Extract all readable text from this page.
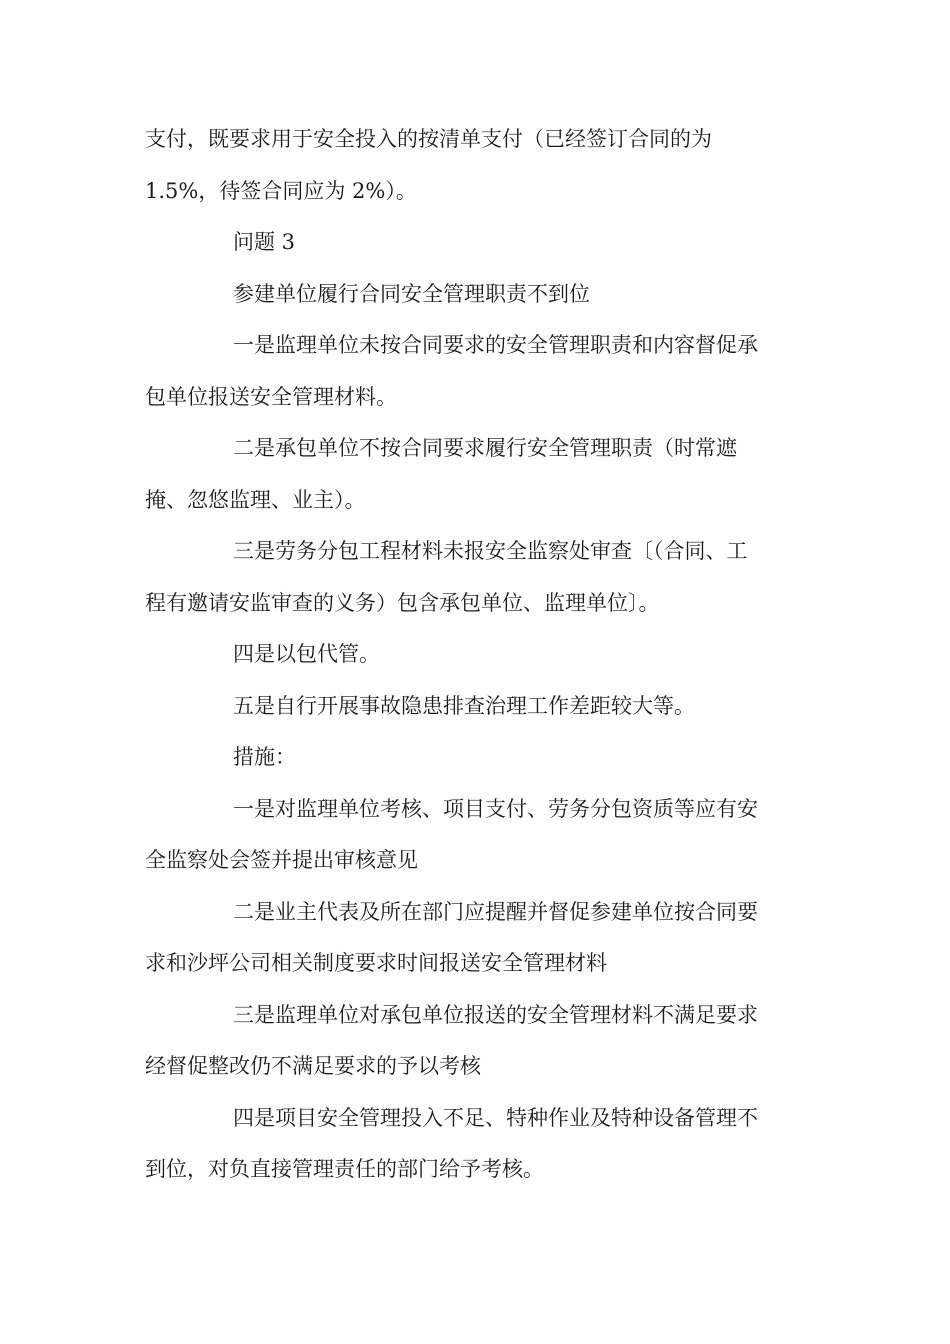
支付，既要求用于安全投入的按清单支付（已经签订合同的为
1.5%，待签合同应为 2%）。

问题 3

参建单位履行合同安全管理职责不到位

一是监理单位未按合同要求的安全管理职责和内容督促承
包单位报送安全管理材料。

二是承包单位不按合同要求履行安全管理职责（时常遮
掩、忽悠监理、业主）。

三是劳务分包工程材料未报安全监察处审查〔（合同、工
程有邀请安监审查的义务）包含承包单位、监理单位〕。

四是以包代管。

五是自行开展事故隐患排查治理工作差距较大等。

措施：

一是对监理单位考核、项目支付、劳务分包资质等应有安
全监察处会签并提出审核意见

二是业主代表及所在部门应提醒并督促参建单位按合同要
求和沙坪公司相关制度要求时间报送安全管理材料

三是监理单位对承包单位报送的安全管理材料不满足要求
经督促整改仍不满足要求的予以考核

四是项目安全管理投入不足、特种作业及特种设备管理不
到位，对负直接管理责任的部门给予考核。
